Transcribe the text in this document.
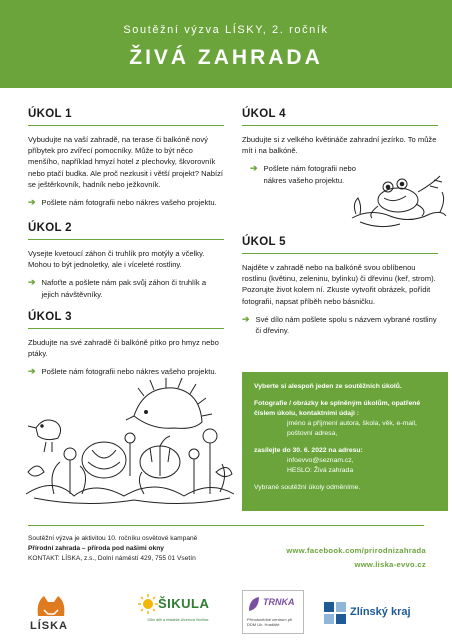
Soutěžní výzva LÍSKY, 2. ročník
ŽIVÁ ZAHRADA
ÚKOL 1

Vybudujte na vaší zahradě, na terase či balkóně nový příbytek pro zvířecí pomocníky. Může to být něco menšího, například hmyzí hotel z plechovky, škvorovník nebo ptačí budka. Ale proč nezkusit i větší projekt? Nabízí se ještěrkovník, hadník nebo ježkovník.

➔ Pošlete nám fotografii nebo nákres vašeho projektu.
ÚKOL 2

Vysejte kvetoucí záhon či truhlík pro motýly a včelky. Mohou to být jednoletky, ale i víceleté rostliny.

➔ Nafoťte a pošlete nám pak svůj záhon či truhlík a jejich návštěvníky.
ÚKOL 3

Zbudujte na své zahradě či balkóně pítko pro hmyz nebo ptáky.

➔ Pošlete nám fotografii nebo nákres vašeho projektu.
ÚKOL 4

Zbudujte si z velkého květináče zahradní jezírko. To může mít i na balkóně.

➔ Pošlete nám fotografii nebo nákres vašeho projektu.
ÚKOL 5

Najděte v zahradě nebo na balkóně svou oblíbenou rostlinu (květinu, zeleninu, bylinku) či dřevinu (keř, strom). Pozorujte život kolem ní. Zkuste vytvořit obrázek, pořídit fotografii, napsat příběh nebo básničku.

➔ Své dílo nám pošlete spolu s názvem vybrané rostliny či dřeviny.
Vyberte si alespoň jeden ze soutěžních úkolů.
Fotografie / obrázky ke splněným úkolům, opatřené číslem úkolu, kontaktními údaji :
jméno a příjmení autora, škola, věk, e-mail, poštovní adresa,
zasílejte do 30. 6. 2022 na adresu:
infoevvo@seznam.cz,
HESLO: Živá zahrada
Vybrané soutěžní úkoly odměníme.
Soutěžní výzva je aktivitou 10. ročníku osvětové kampaně
Přírodní zahrada – příroda pod našimi okny
KONTAKT: LÍSKA, z.s., Dolní náměstí 429, 755 01 Vsetín
www.facebook.com/prirodnizahrada
www.liska-evvo.cz
LÍSKA
ŠIKULA
Dům dětí a mládeže Ulcerová Vrchlice
TRNKA
Přírodovědné centrum při DDM Uh. Hradiště
Zlínský kraj
